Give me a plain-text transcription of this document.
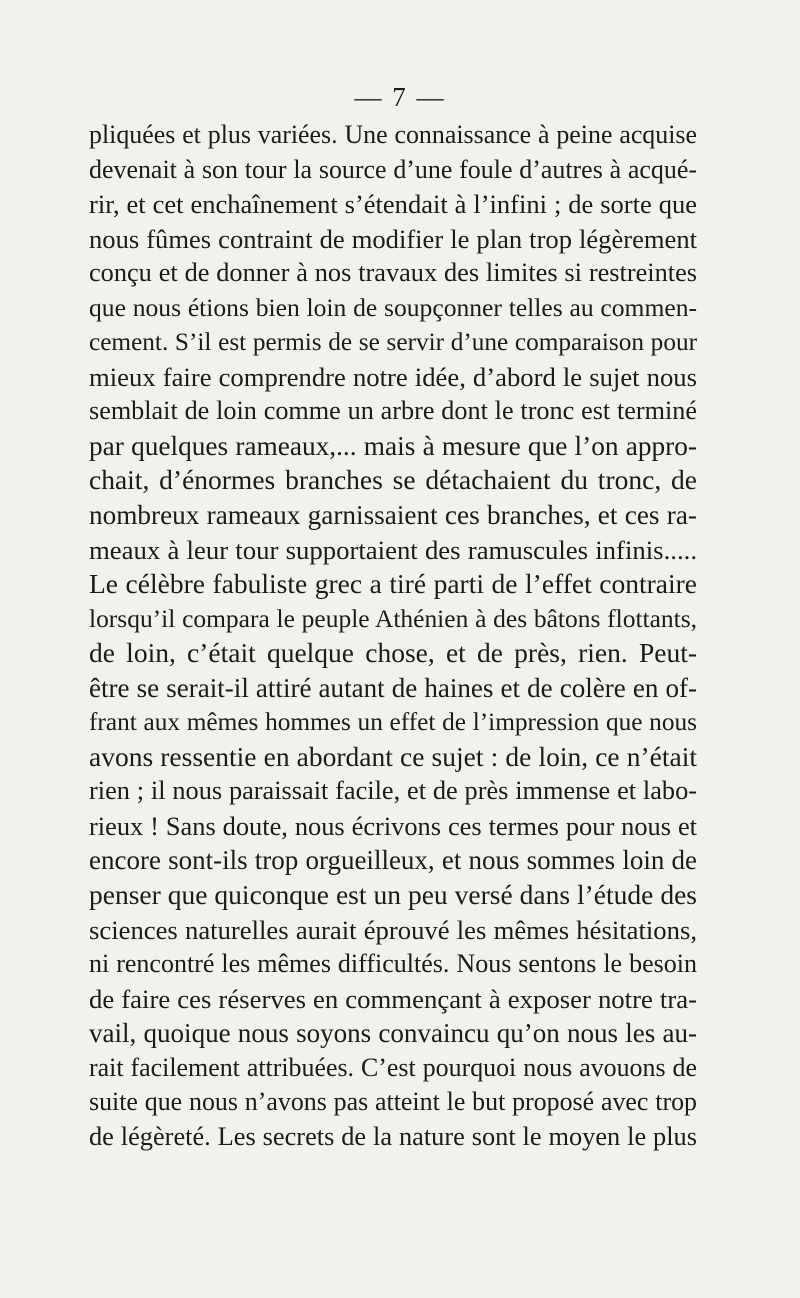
— 7 —
pliquées et plus variées. Une connaissance à peine acquise
devenait à son tour la source d’une foule d’autres à acqué-
rir, et cet enchaînement s’étendait à l’infini ; de sorte que
nous fûmes contraint de modifier le plan trop légèrement
conçu et de donner à nos travaux des limites si restreintes
que nous étions bien loin de soupçonner telles au commen-
cement. S’il est permis de se servir d’une comparaison pour
mieux faire comprendre notre idée, d’abord le sujet nous
semblait de loin comme un arbre dont le tronc est terminé
par quelques rameaux,... mais à mesure que l’on appro-
chait, d’énormes branches se détachaient du tronc, de
nombreux rameaux garnissaient ces branches, et ces ra-
meaux à leur tour supportaient des ramuscules infinis.....
Le célèbre fabuliste grec a tiré parti de l’effet contraire
lorsqu’il compara le peuple Athénien à des bâtons flottants,
de loin, c’était quelque chose, et de près, rien. Peut-
être se serait-il attiré autant de haines et de colère en of-
frant aux mêmes hommes un effet de l’impression que nous
avons ressentie en abordant ce sujet : de loin, ce n’était
rien ; il nous paraissait facile, et de près immense et labo-
rieux ! Sans doute, nous écrivons ces termes pour nous et
encore sont-ils trop orgueilleux, et nous sommes loin de
penser que quiconque est un peu versé dans l’étude des
sciences naturelles aurait éprouvé les mêmes hésitations,
ni rencontré les mêmes difficultés. Nous sentons le besoin
de faire ces réserves en commençant à exposer notre tra-
vail, quoique nous soyons convaincu qu’on nous les au-
rait facilement attribuées. C’est pourquoi nous avouons de
suite que nous n’avons pas atteint le but proposé avec trop
de légèreté. Les secrets de la nature sont le moyen le plus
